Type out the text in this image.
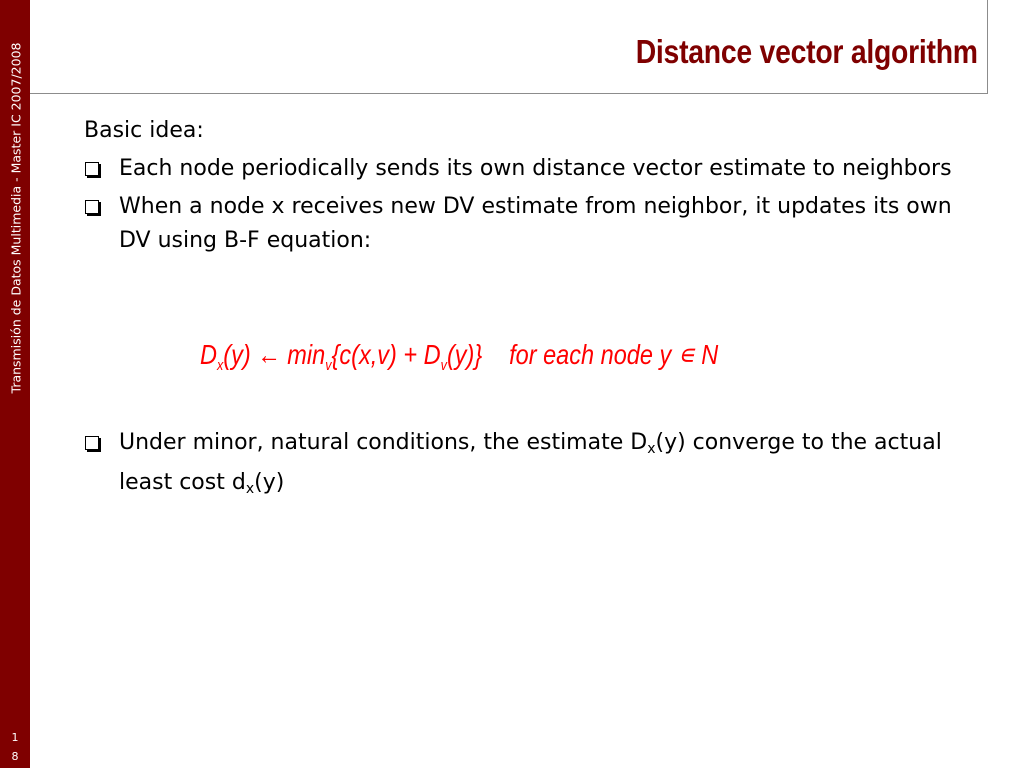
Transmisión de Datos Multimedia - Master IC 2007/2008
18
Distance vector algorithm

Basic idea:

Each node periodically sends its own distance vector estimate to neighbors
When a node x receives new DV estimate from neighbor, it updates its own DV using B-F equation:
$D_x(y)$ ← $\min_v\{c(x,v) + D_v(y)\}$ for each node y ∊ N
Under minor, natural conditions, the estimate $D_x(y)$ converge to the actual least cost $d_x(y)$
